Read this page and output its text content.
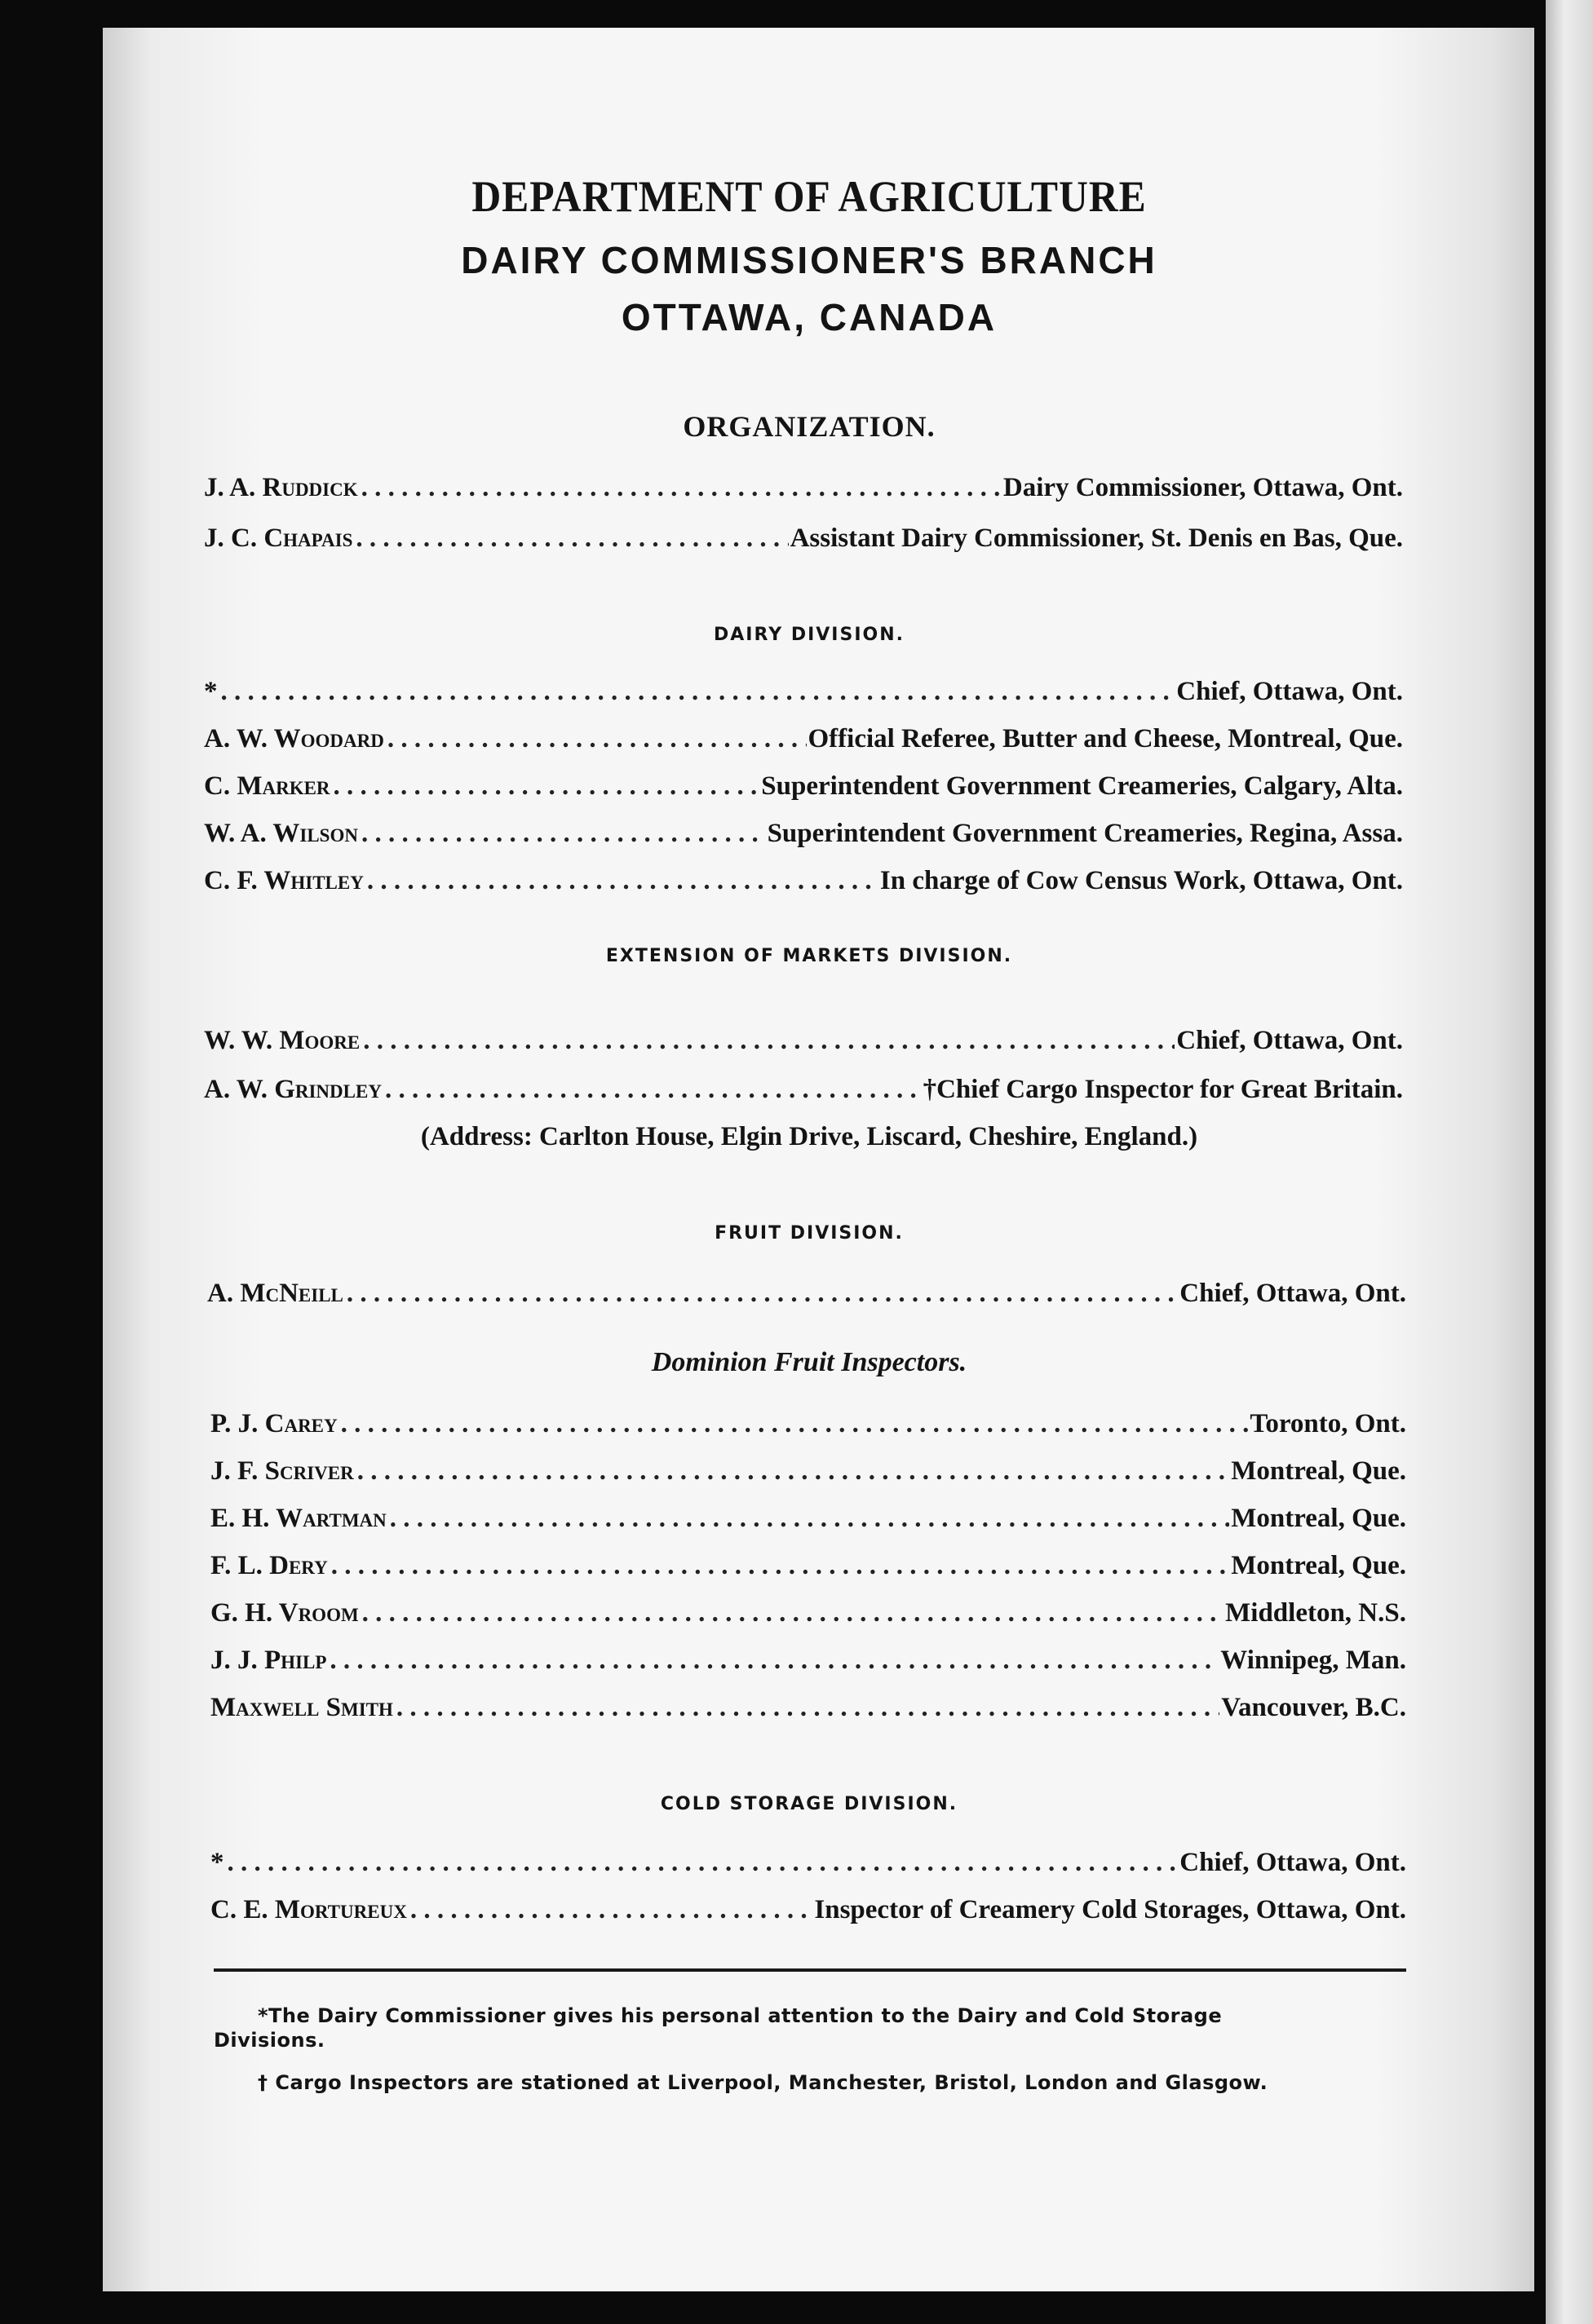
DEPARTMENT OF AGRICULTURE
DAIRY COMMISSIONER'S BRANCH
OTTAWA, CANADA
ORGANIZATION.
J. A. Ruddick . . .	Dairy Commissioner, Ottawa, Ont.
J. C. Chapais . . .	Assistant Dairy Commissioner, St. Denis en Bas, Que.
DAIRY DIVISION.
* . . .	Chief, Ottawa, Ont.
A. W. Woodard . . .	Official Referee, Butter and Cheese, Montreal, Que.
C. Marker . . .	Superintendent Government Creameries, Calgary, Alta.
W. A. Wilson . . .	Superintendent Government Creameries, Regina, Assa.
C. F. Whitley . . .	In charge of Cow Census Work, Ottawa, Ont.
EXTENSION OF MARKETS DIVISION.
W. W. Moore . . .	Chief, Ottawa, Ont.
A. W. Grindley . . .	†Chief Cargo Inspector for Great Britain.
(Address: Carlton House, Elgin Drive, Liscard, Cheshire, England.)
FRUIT DIVISION.
A. McNeill . . .	Chief, Ottawa, Ont.
Dominion Fruit Inspectors.
P. J. Carey . . .	Toronto, Ont.
J. F. Scriver . . .	Montreal, Que.
E. H. Wartman . . .	Montreal, Que.
F. L. Dery . . .	Montreal, Que.
G. H. Vroom . . .	Middleton, N.S.
J. J. Philp . . .	Winnipeg, Man.
Maxwell Smith . . .	Vancouver, B.C.
COLD STORAGE DIVISION.
* . . .	Chief, Ottawa, Ont.
C. E. Mortureux . . .	Inspector of Creamery Cold Storages, Ottawa, Ont.
*The Dairy Commissioner gives his personal attention to the Dairy and Cold Storage
Divisions.
† Cargo Inspectors are stationed at Liverpool, Manchester, Bristol, London and Glasgow.
